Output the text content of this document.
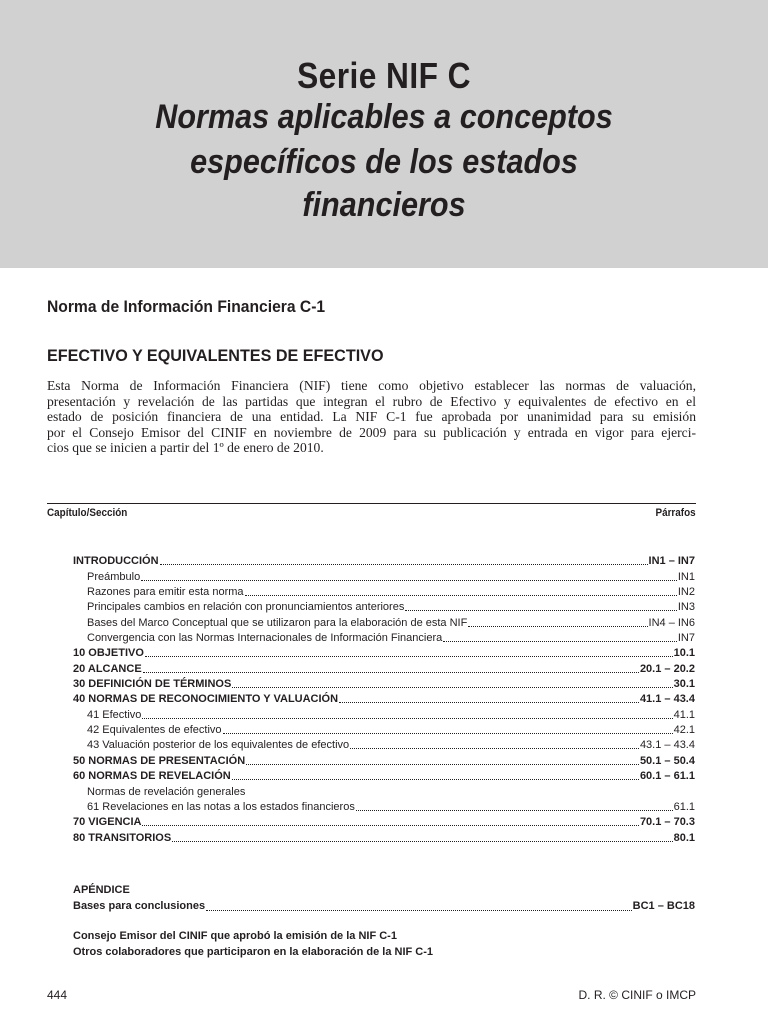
Serie NIF C
Normas aplicables a conceptos
específicos de los estados
financieros
Norma de Información Financiera C-1
EFECTIVO Y EQUIVALENTES DE EFECTIVO
Esta Norma de Información Financiera (NIF) tiene como objetivo establecer las normas de valuación,
presentación y revelación de las partidas que integran el rubro de Efectivo y equivalentes de efectivo en el
estado de posición financiera de una entidad. La NIF C-1 fue aprobada por unanimidad para su emisión
por el Consejo Emisor del CINIF en noviembre de 2009 para su publicación y entrada en vigor para ejerci-
cios que se inicien a partir del 1º de enero de 2010.
Capítulo/Sección	Párrafos
INTRODUCCIÓN	IN1 – IN7
Preámbulo	IN1
Razones para emitir esta norma	IN2
Principales cambios en relación con pronunciamientos anteriores	IN3
Bases del Marco Conceptual que se utilizaron para la elaboración de esta NIF	IN4 – IN6
Convergencia con las Normas Internacionales de Información Financiera	IN7
10 OBJETIVO	10.1
20 ALCANCE	20.1 – 20.2
30 DEFINICIÓN DE TÉRMINOS	30.1
40 NORMAS DE RECONOCIMIENTO Y VALUACIÓN	41.1 – 43.4
41 Efectivo	41.1
42 Equivalentes de efectivo	42.1
43 Valuación posterior de los equivalentes de efectivo	43.1 – 43.4
50 NORMAS DE PRESENTACIÓN	50.1 – 50.4
60 NORMAS DE REVELACIÓN	60.1 – 61.1
Normas de revelación generales
61 Revelaciones en las notas a los estados financieros	61.1
70 VIGENCIA	70.1 – 70.3
80 TRANSITORIOS	80.1
APÉNDICE
Bases para conclusiones	BC1 – BC18
Consejo Emisor del CINIF que aprobó la emisión de la NIF C-1
Otros colaboradores que participaron en la elaboración de la NIF C-1
444	D. R. © CINIF o IMCP
